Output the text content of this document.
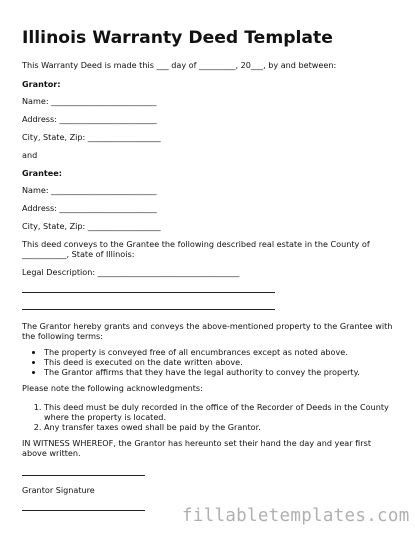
Illinois Warranty Deed Template
This Warranty Deed is made this ___ day of _________, 20___, by and between:
Grantor:
Name: __________________________
Address: ________________________
City, State, Zip: __________________
and
Grantee:
Name: __________________________
Address: ________________________
City, State, Zip: __________________
This deed conveys to the Grantee the following described real estate in the County of ___________, State of Illinois:
Legal Description: ___________________________________
The Grantor hereby grants and conveys the above-mentioned property to the Grantee with the following terms:
• The property is conveyed free of all encumbrances except as noted above.
• This deed is executed on the date written above.
• The Grantor affirms that they have the legal authority to convey the property.
Please note the following acknowledgments:
1. This deed must be duly recorded in the office of the Recorder of Deeds in the County where the property is located.
2. Any transfer taxes owed shall be paid by the Grantor.
IN WITNESS WHEREOF, the Grantor has hereunto set their hand the day and year first above written.
Grantor Signature
fillabletemplates.com
